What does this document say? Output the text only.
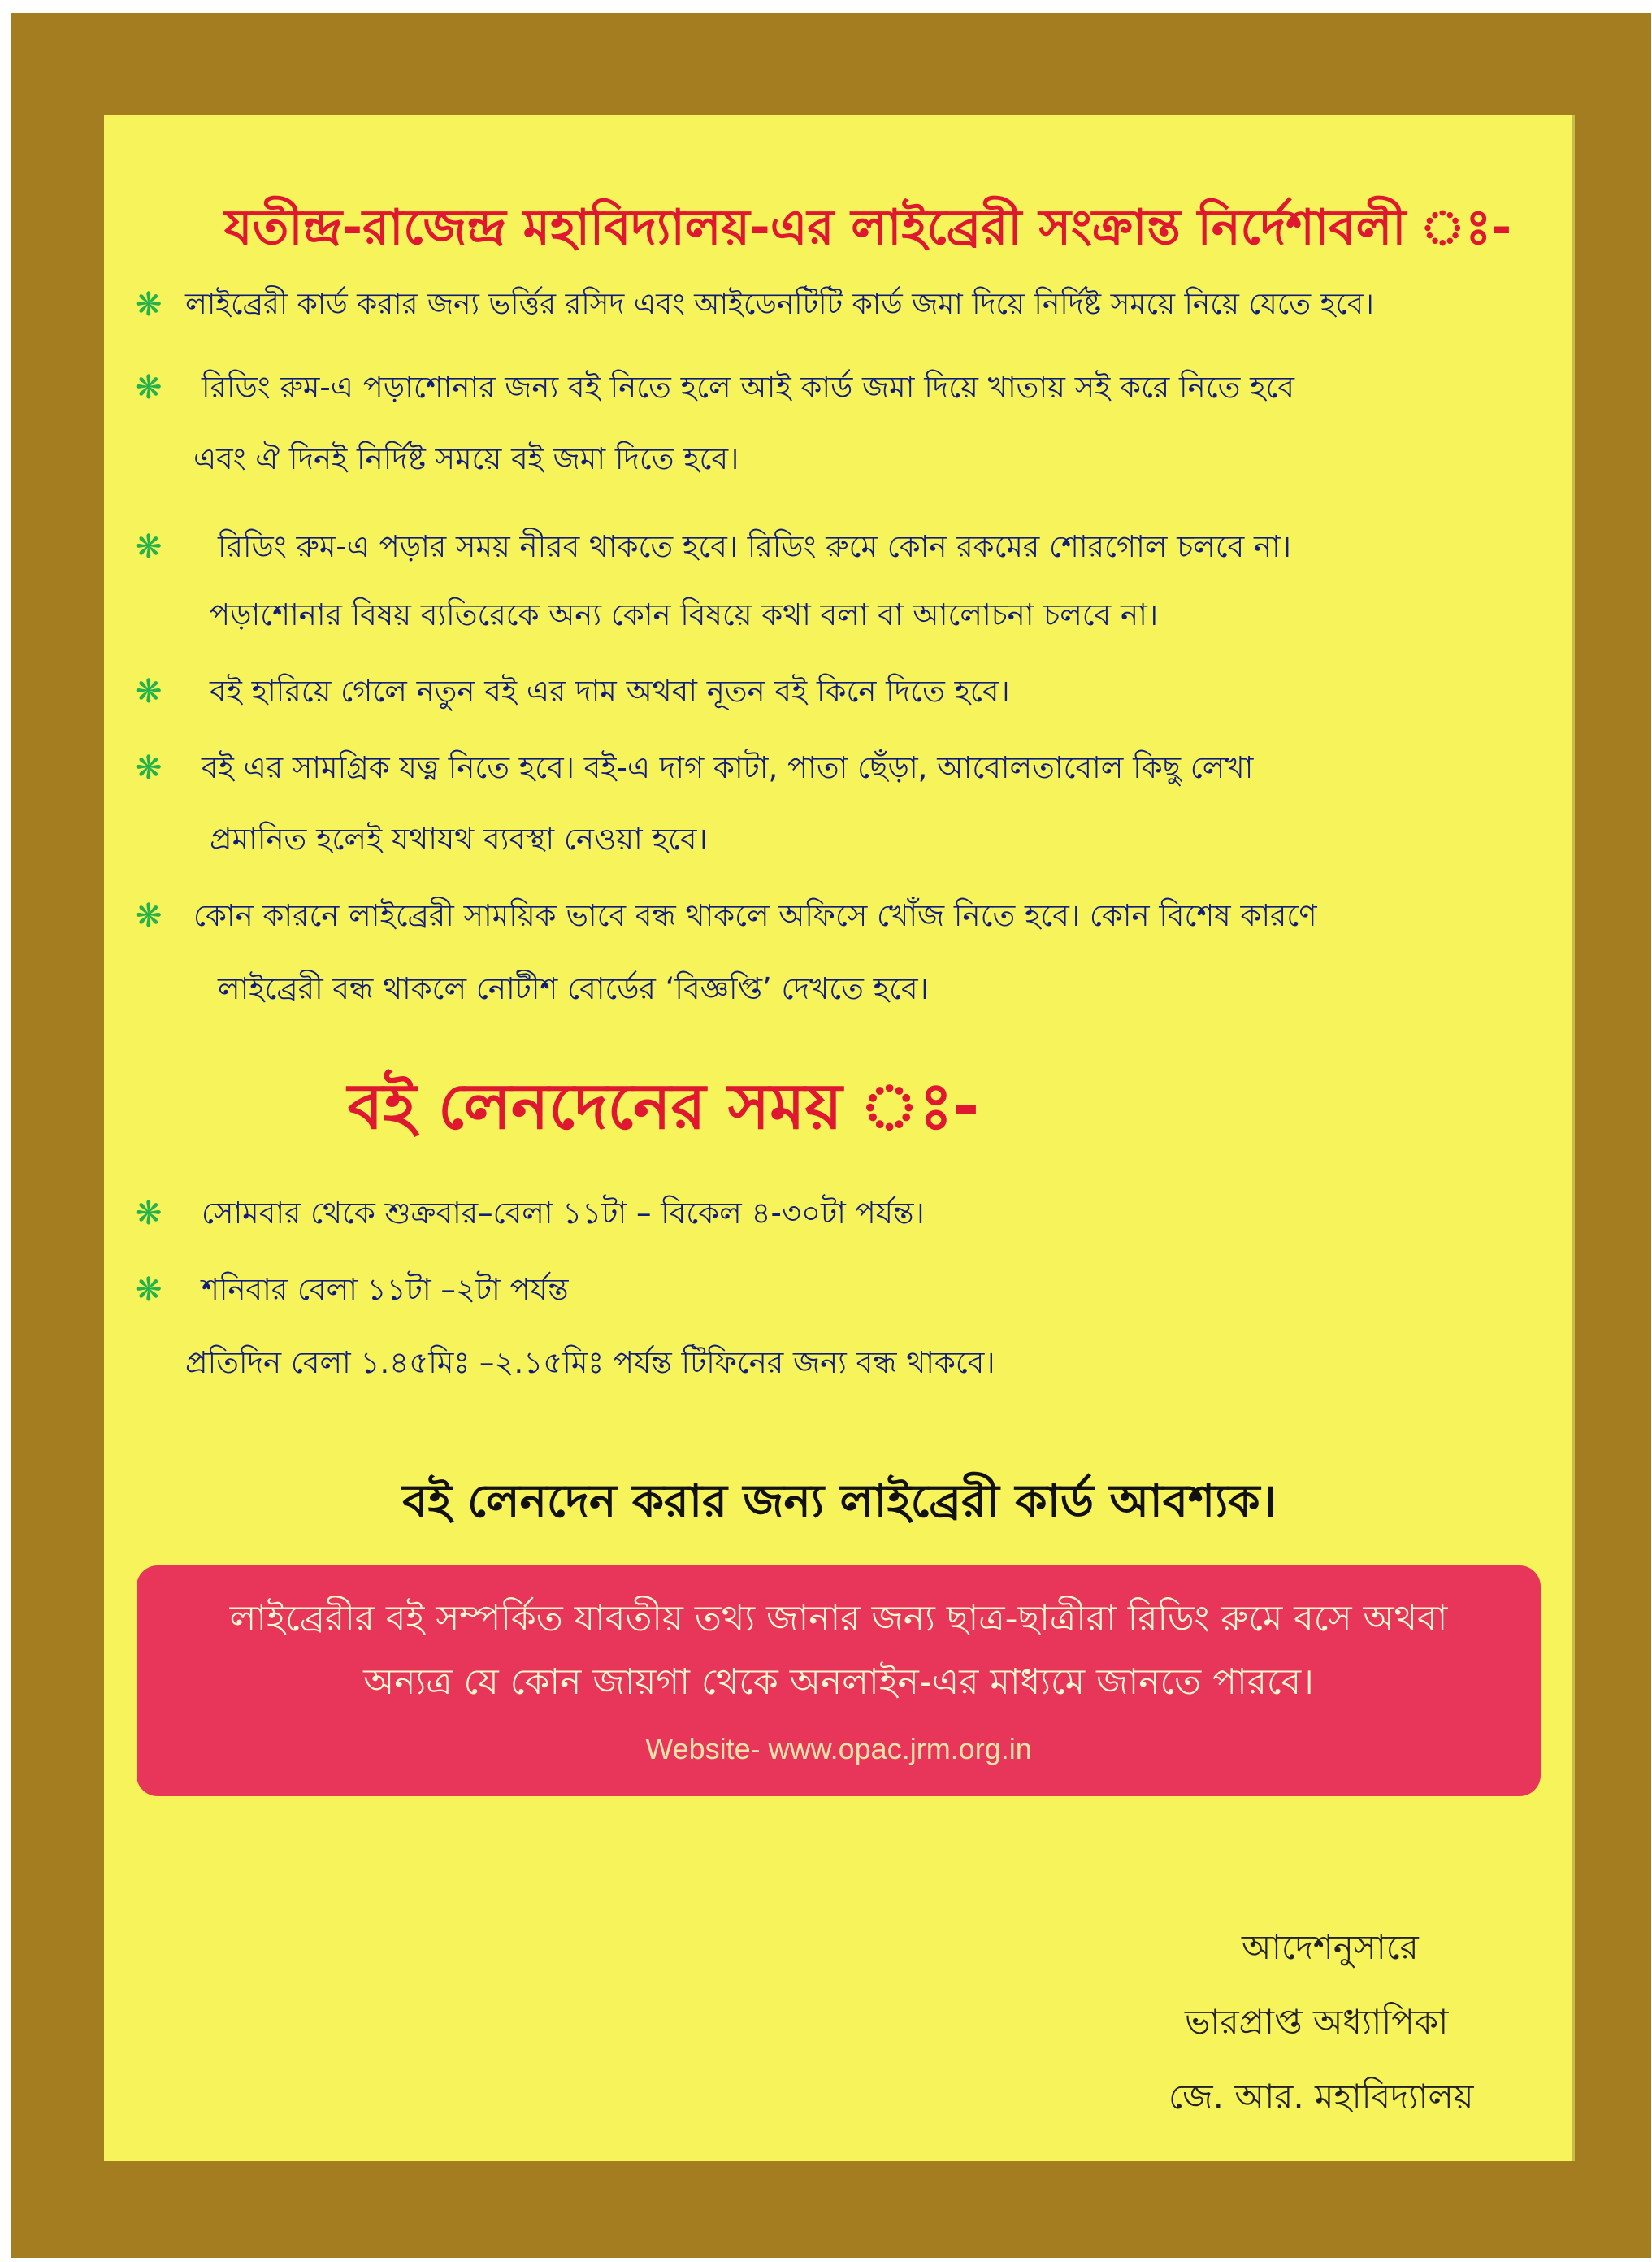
যতীন্দ্র-রাজেন্দ্র মহাবিদ্যালয়-এর লাইব্রেরী সংক্রান্ত নির্দেশাবলী ঃ-
❋ লাইব্রেরী কার্ড করার জন্য ভর্ত্তির রসিদ এবং আইডেনটিটি কার্ড জমা দিয়ে নির্দিষ্ট সময়ে নিয়ে যেতে হবে।
❋ রিডিং রুম-এ পড়াশোনার জন্য বই নিতে হলে আই কার্ড জমা দিয়ে খাতায় সই করে নিতে হবে
এবং ঐ দিনই নির্দিষ্ট সময়ে বই জমা দিতে হবে।
❋ রিডিং রুম-এ পড়ার সময় নীরব থাকতে হবে। রিডিং রুমে কোন রকমের শোরগোল চলবে না।
পড়াশোনার বিষয় ব্যতিরেকে অন্য কোন বিষয়ে কথা বলা বা আলোচনা চলবে না।
❋ বই হারিয়ে গেলে নতুন বই এর দাম অথবা নূতন বই কিনে দিতে হবে।
❋ বই এর সামগ্রিক যত্ন নিতে হবে। বই-এ দাগ কাটা, পাতা ছেঁড়া, আবোলতাবোল কিছু লেখা
প্রমানিত হলেই যথাযথ ব্যবস্থা নেওয়া হবে।
❋ কোন কারনে লাইব্রেরী সাময়িক ভাবে বন্ধ থাকলে অফিসে খোঁজ নিতে হবে। কোন বিশেষ কারণে
লাইব্রেরী বন্ধ থাকলে নোটীশ বোর্ডের ‘বিজ্ঞপ্তি’ দেখতে হবে।
বই লেনদেনের সময় ঃ-
❋ সোমবার থেকে শুক্রবার–বেলা ১১টা – বিকেল ৪-৩০টা পর্যন্ত।
❋ শনিবার বেলা ১১টা –২টা পর্যন্ত
প্রতিদিন বেলা ১.৪৫মিঃ –২.১৫মিঃ পর্যন্ত টিফিনের জন্য বন্ধ থাকবে।
বই লেনদেন করার জন্য লাইব্রেরী কার্ড আবশ্যক।
লাইব্রেরীর বই সম্পর্কিত যাবতীয় তথ্য জানার জন্য ছাত্র-ছাত্রীরা রিডিং রুমে বসে অথবা
অন্যত্র যে কোন জায়গা থেকে অনলাইন-এর মাধ্যমে জানতে পারবে।
Website- www.opac.jrm.org.in
আদেশনুসারে
ভারপ্রাপ্ত অধ্যাপিকা
জে. আর. মহাবিদ্যালয়
